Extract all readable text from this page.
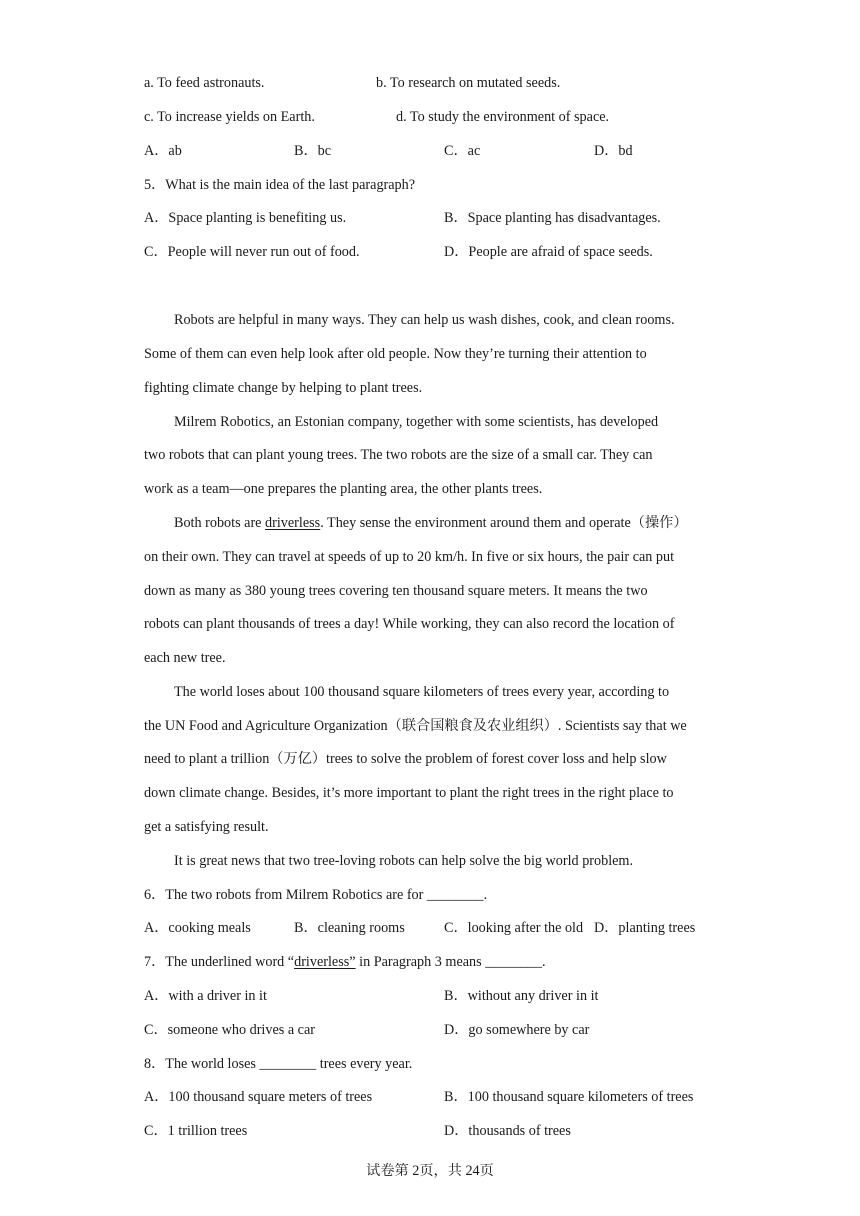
a. To feed astronauts.	b. To research on mutated seeds.
c. To increase yields on Earth.	d. To study the environment of space.
A．ab	B．bc	C．ac	D．bd
5．What is the main idea of the last paragraph?
A．Space planting is benefiting us.	B．Space planting has disadvantages.
C．People will never run out of food.	D．People are afraid of space seeds.
Robots are helpful in many ways. They can help us wash dishes, cook, and clean rooms.
Some of them can even help look after old people. Now they’re turning their attention to
fighting climate change by helping to plant trees.
Milrem Robotics, an Estonian company, together with some scientists, has developed
two robots that can plant young trees. The two robots are the size of a small car. They can
work as a team—one prepares the planting area, the other plants trees.
Both robots are driverless. They sense the environment around them and operate（操作）
on their own. They can travel at speeds of up to 20 km/h. In five or six hours, the pair can put
down as many as 380 young trees covering ten thousand square meters. It means the two
robots can plant thousands of trees a day! While working, they can also record the location of
each new tree.
The world loses about 100 thousand square kilometers of trees every year, according to
the UN Food and Agriculture Organization（联合国粮食及农业组织）. Scientists say that we
need to plant a trillion（万亿）trees to solve the problem of forest cover loss and help slow
down climate change. Besides, it’s more important to plant the right trees in the right place to
get a satisfying result.
It is great news that two tree-loving robots can help solve the big world problem.
6．The two robots from Milrem Robotics are for ________.
A．cooking meals	B．cleaning rooms	C．looking after the old D．planting trees
7．The underlined word “driverless” in Paragraph 3 means ________.
A．with a driver in it	B．without any driver in it
C．someone who drives a car	D．go somewhere by car
8．The world loses ________ trees every year.
A．100 thousand square meters of trees	B．100 thousand square kilometers of trees
C．1 trillion trees	D．thousands of trees
试卷第 2页，共 24页
